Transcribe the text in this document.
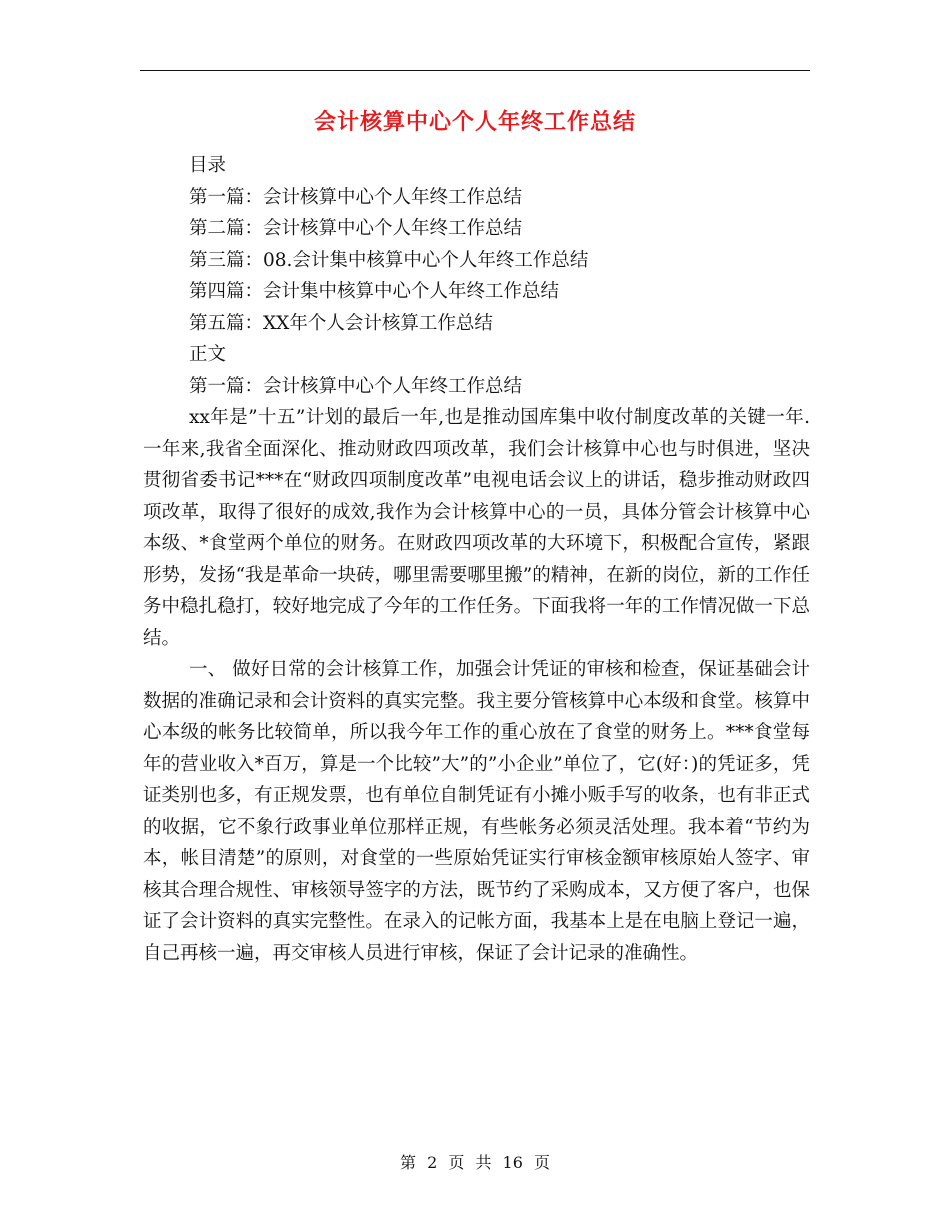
会计核算中心个人年终工作总结

目录

第一篇：会计核算中心个人年终工作总结

第二篇：会计核算中心个人年终工作总结

第三篇：08.会计集中核算中心个人年终工作总结

第四篇：会计集中核算中心个人年终工作总结

第五篇：XX年个人会计核算工作总结

正文

第一篇：会计核算中心个人年终工作总结

xx年是”十五”计划的最后一年,也是推动国库集中收付制度改革的关键一年.一年来,我省全面深化、推动财政四项改革，我们会计核算中心也与时俱进，坚决贯彻省委书记***在“财政四项制度改革”电视电话会议上的讲话，稳步推动财政四项改革，取得了很好的成效,我作为会计核算中心的一员，具体分管会计核算中心本级、*食堂两个单位的财务。在财政四项改革的大环境下，积极配合宣传，紧跟形势，发扬“我是革命一块砖，哪里需要哪里搬”的精神，在新的岗位，新的工作任务中稳扎稳打，较好地完成了今年的工作任务。下面我将一年的工作情况做一下总结。

一、 做好日常的会计核算工作，加强会计凭证的审核和检查，保证基础会计数据的准确记录和会计资料的真实完整。我主要分管核算中心本级和食堂。核算中心本级的帐务比较简单，所以我今年工作的重心放在了食堂的财务上。***食堂每年的营业收入*百万，算是一个比较”大”的”小企业”单位了，它(好：)的凭证多，凭证类别也多，有正规发票，也有单位自制凭证有小摊小贩手写的收条，也有非正式的收据，它不象行政事业单位那样正规，有些帐务必须灵活处理。我本着“节约为本，帐目清楚”的原则，对食堂的一些原始凭证实行审核金额审核原始人签字、审核其合理合规性、审核领导签字的方法，既节约了采购成本，又方便了客户，也保证了会计资料的真实完整性。在录入的记帐方面，我基本上是在电脑上登记一遍，自己再核一遍，再交审核人员进行审核，保证了会计记录的准确性。

第 2 页 共 16 页
